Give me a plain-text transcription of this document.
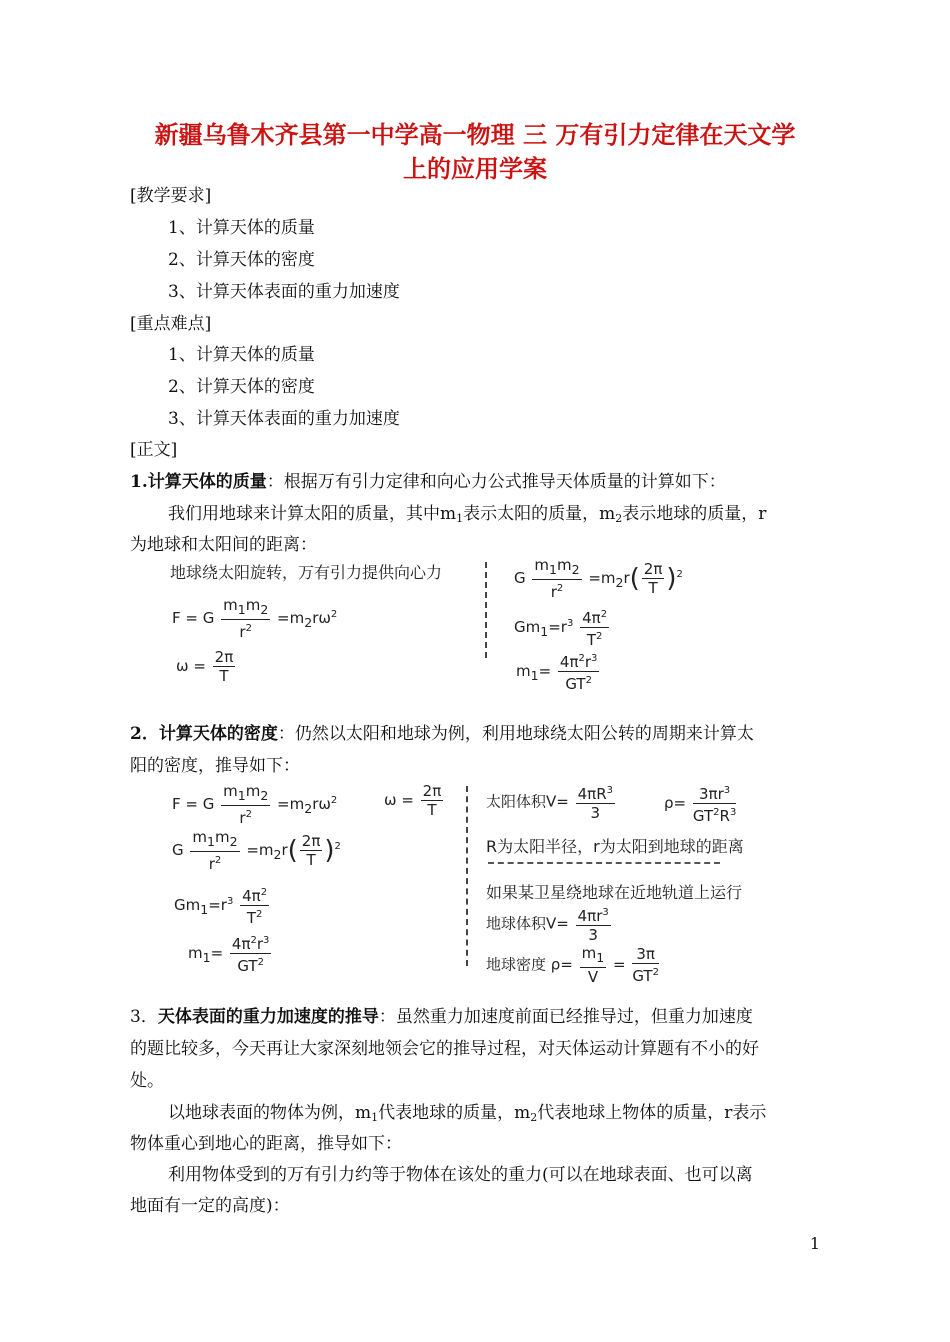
新疆乌鲁木齐县第一中学高一物理 三 万有引力定律在天文学
上的应用学案
[教学要求]
1、计算天体的质量
2、计算天体的密度
3、计算天体表面的重力加速度
[重点难点]
1、计算天体的质量
2、计算天体的密度
3、计算天体表面的重力加速度
[正文]
1.计算天体的质量：根据万有引力定律和向心力公式推导天体质量的计算如下：
我们用地球来计算太阳的质量，其中$m_1$表示太阳的质量，$m_2$表示地球的质量，r
为地球和太阳间的距离：
地球绕太阳旋转，万有引力提供向心力
F = G $\frac{m_1m_2}{r^2} =m_2r\omega^2$
$\omega = \frac{2\pi}{T}$
G $\frac{m_1m_2}{r^2} =m_2r( \frac{2\pi}{T} )^2$
$Gm_1=r^3 \frac{4\pi^2}{T^2}$
$m_1= \frac{4\pi^2r^3}{GT^2}$
2．计算天体的密度：仍然以太阳和地球为例，利用地球绕太阳公转的周期来计算太
阳的密度，推导如下：
F = G $\frac{m_1m_2}{r^2} =m_2r\omega^2$	$\omega = \frac{2\pi}{T}$
G $\frac{m_1m_2}{r^2} =m_2r( \frac{2\pi}{T} )^2$
$Gm_1=r^3 \frac{4\pi^2}{T^2}$
$m_1= \frac{4\pi^2r^3}{GT^2}$
太阳体积$V= \frac{4\pi R^3}{3}$	$\rho= \frac{3\pi r^3}{GT^2R^3}$
R为太阳半径，r为太阳到地球的距离
如果某卫星绕地球在近地轨道上运行
地球体积$V= \frac{4\pi r^3}{3}$
地球密度 $\rho= \frac{m_1}{V} = \frac{3\pi}{GT^2}$
3．天体表面的重力加速度的推导：虽然重力加速度前面已经推导过，但重力加速度
的题比较多，今天再让大家深刻地领会它的推导过程，对天体运动计算题有不小的好
处。
以地球表面的物体为例，$m_1$代表地球的质量，$m_2$代表地球上物体的质量，r表示
物体重心到地心的距离，推导如下：
利用物体受到的万有引力约等于物体在该处的重力(可以在地球表面、也可以离
地面有一定的高度)：
1
